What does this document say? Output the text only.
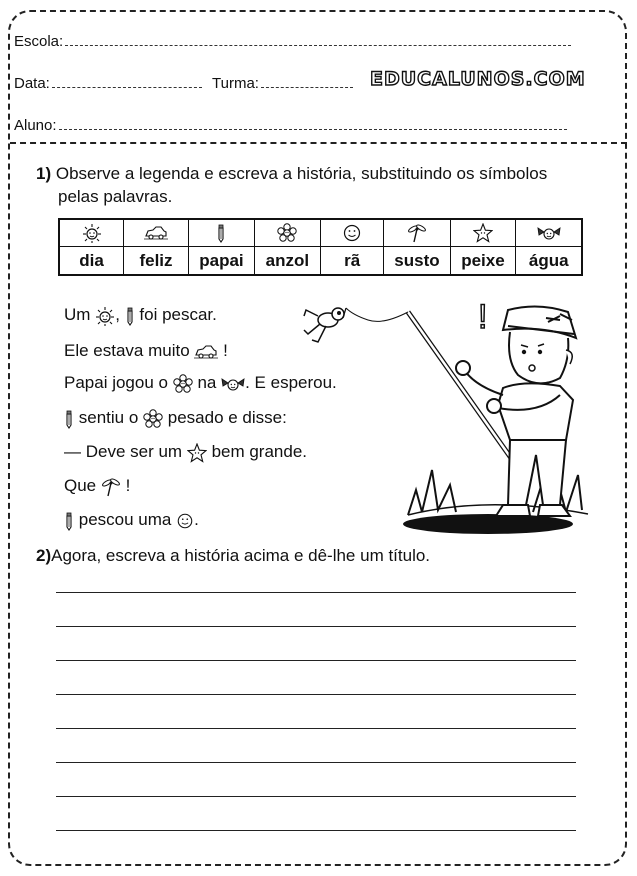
Escola:
Data:	Turma:	EDUCALUNOS.COM
Aluno:
1) Observe a legenda e escreva a história, substituindo os símbolos
pelas palavras.

dia	feliz	papai	anzol	rã	susto	peixe	água
Um , foi pescar.
Ele estava muito !
Papai jogou o na . E esperou.
sentiu o pesado e disse:
— Deve ser um bem grande.
Que !
pescou uma .
!
2)Agora, escreva a história acima e dê-lhe um título.
